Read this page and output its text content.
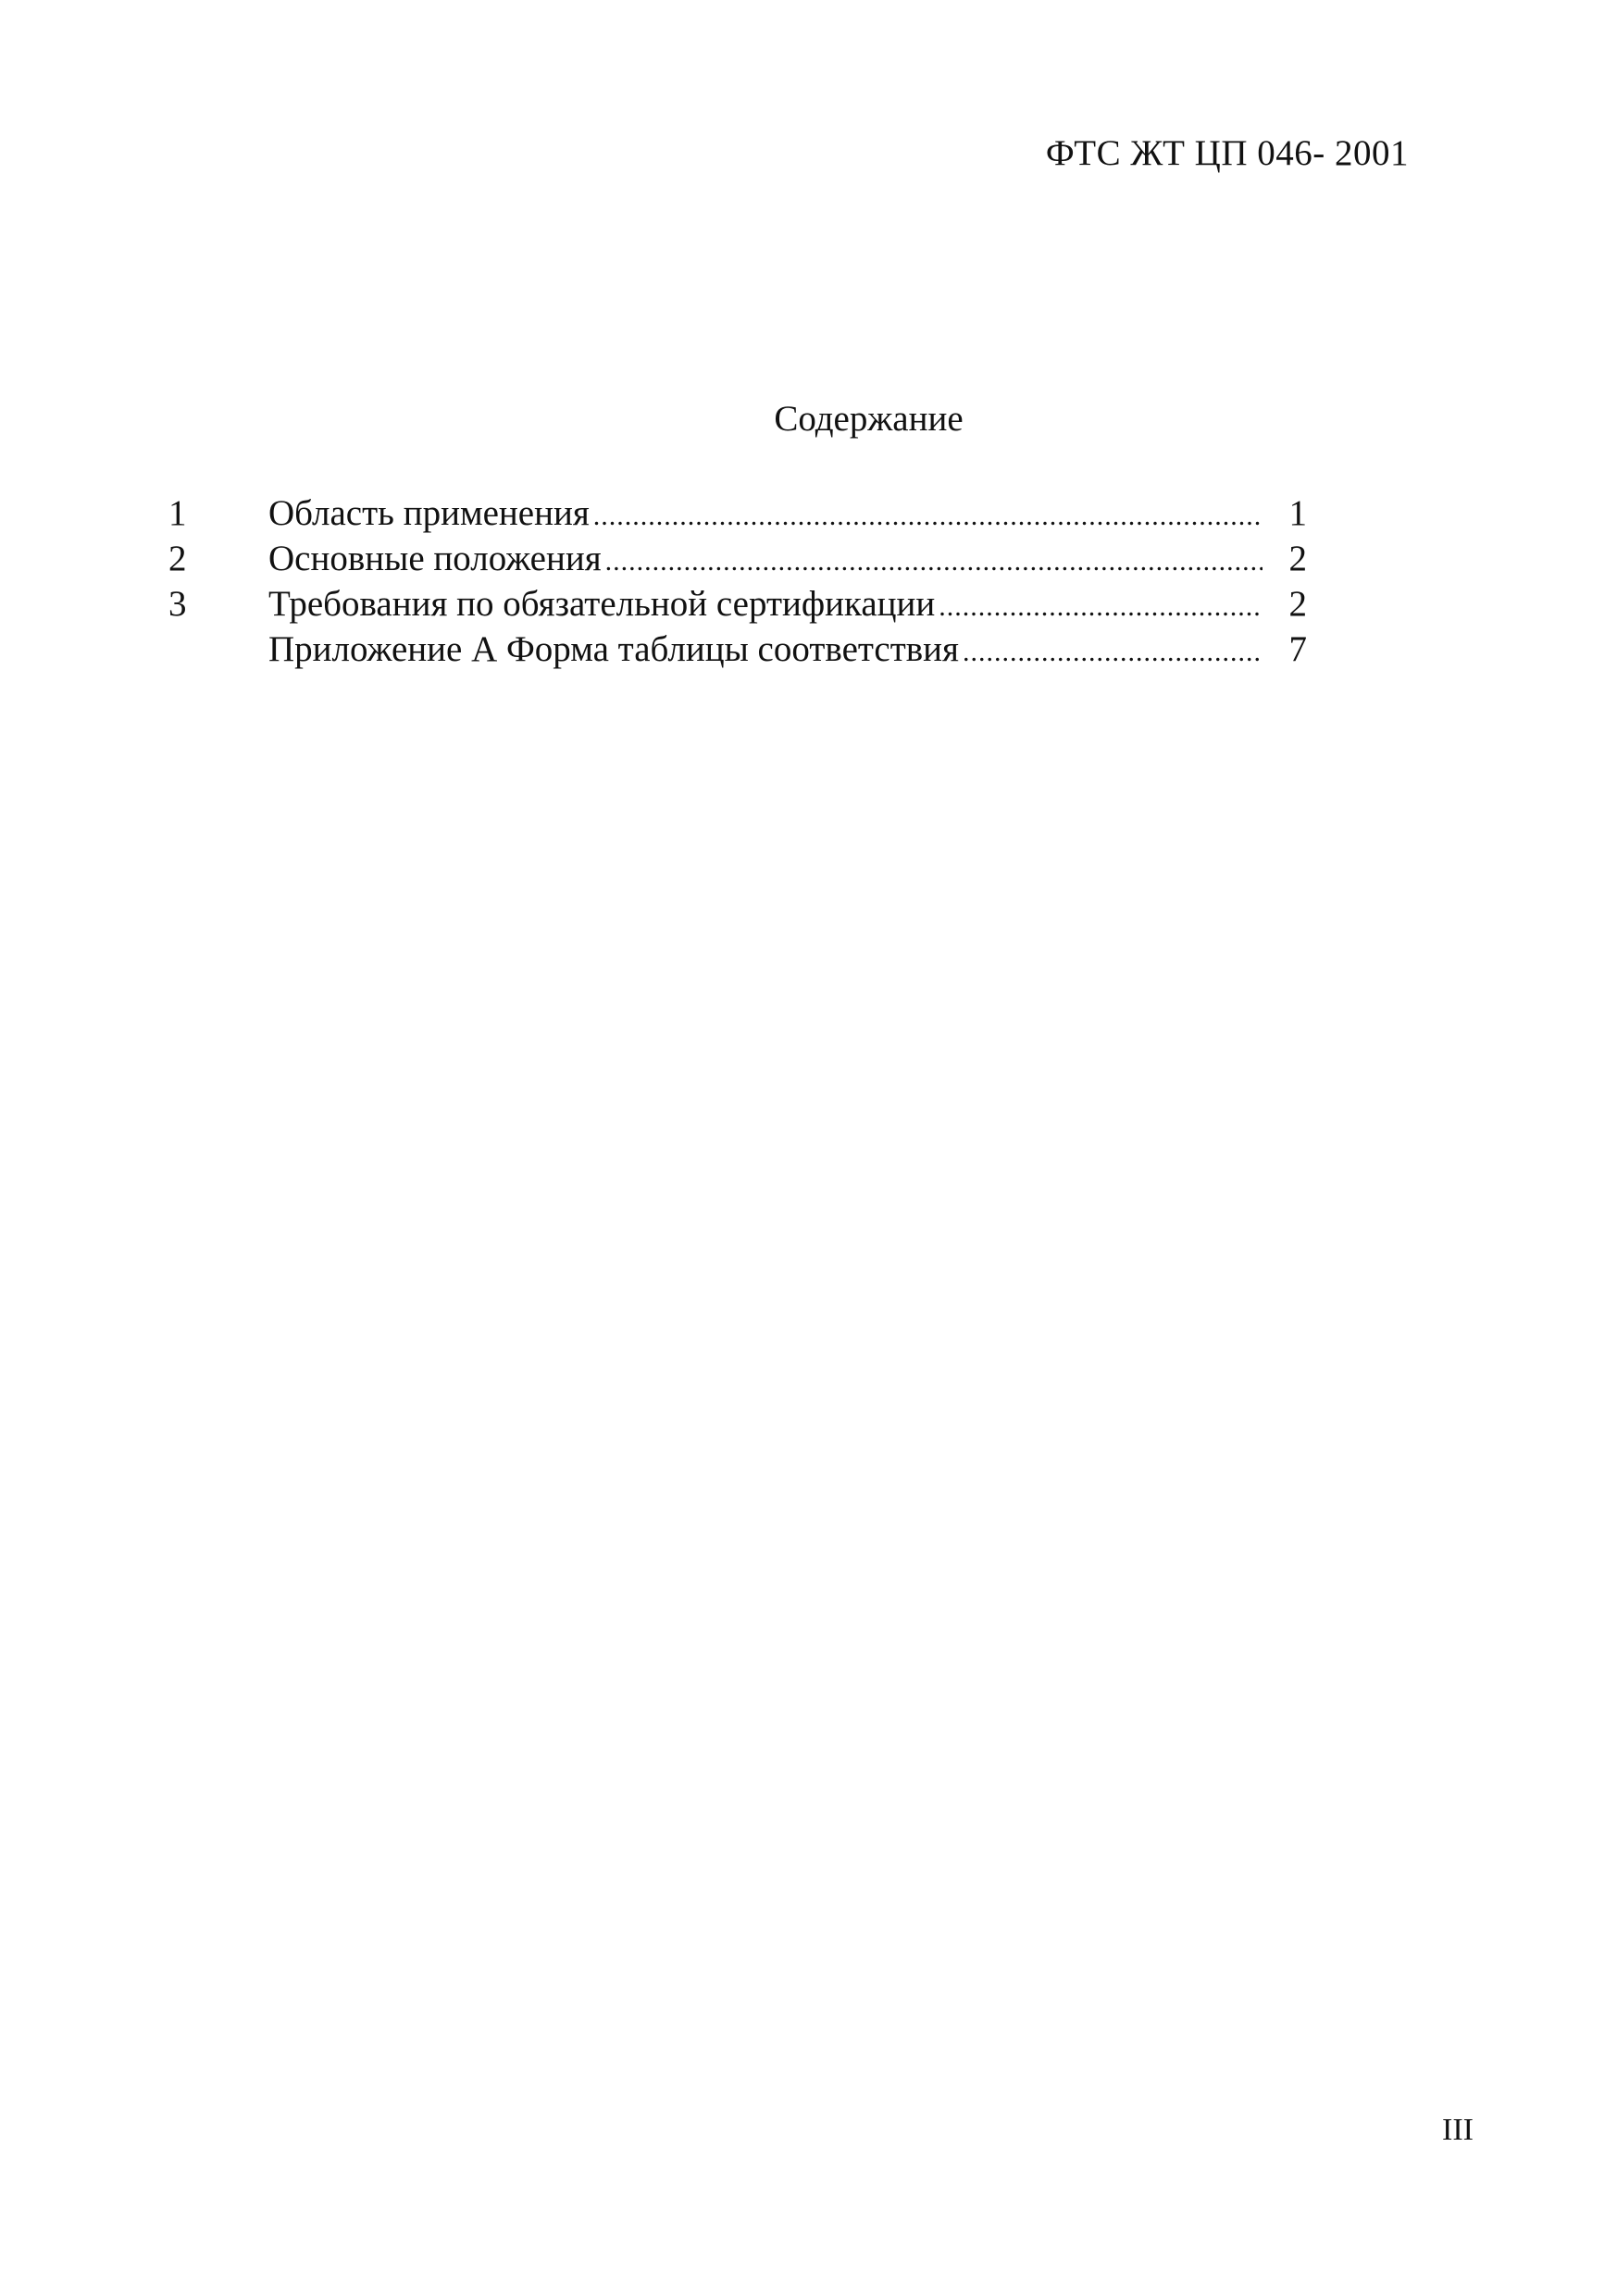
ФТС ЖТ ЦП 046- 2001
Содержание
1	Область применения .....	1
2	Основные положения .....	2
3	Требования по обязательной сертификации .....	2
Приложение А Форма таблицы соответствия .....	7
III
